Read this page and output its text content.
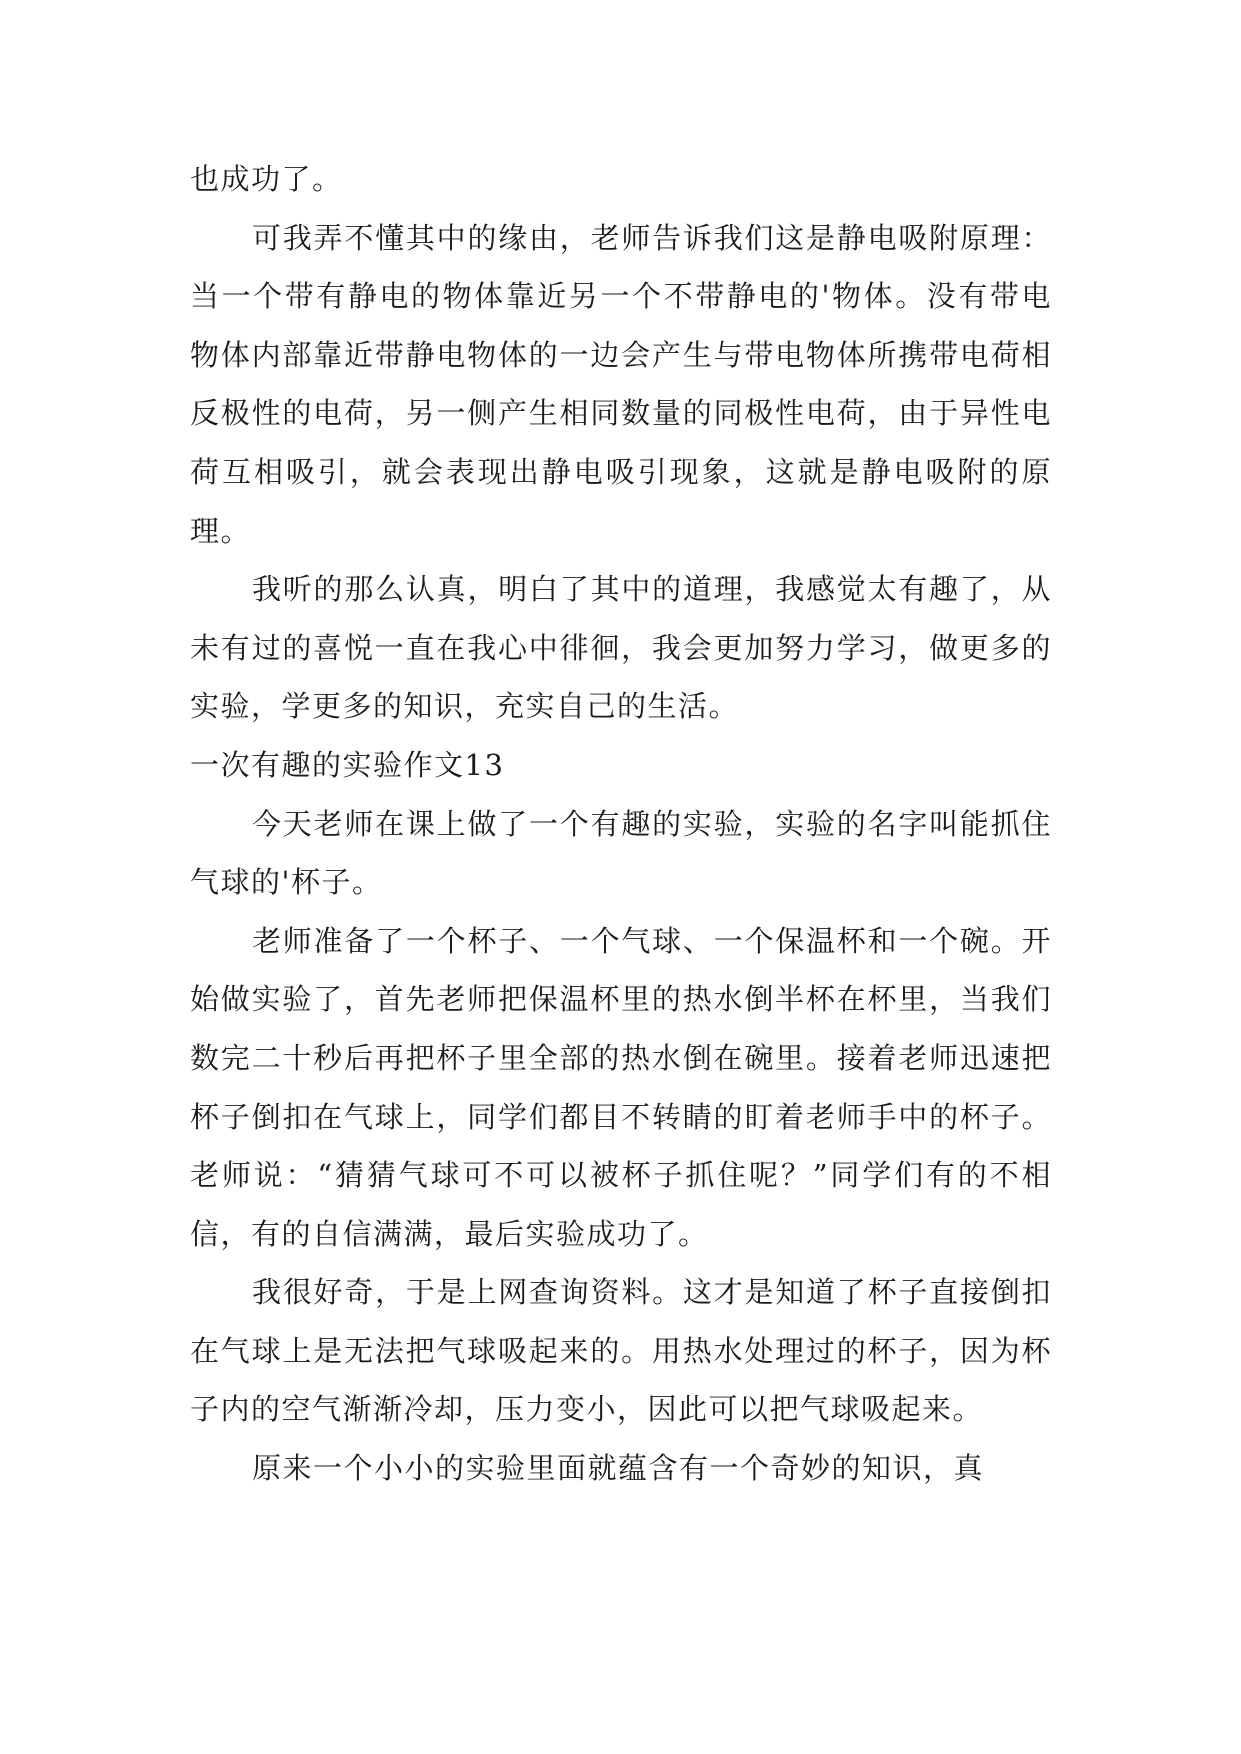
也成功了。

可我弄不懂其中的缘由，老师告诉我们这是静电吸附原理：当一个带有静电的物体靠近另一个不带静电的'物体。没有带电物体内部靠近带静电物体的一边会产生与带电物体所携带电荷相反极性的电荷，另一侧产生相同数量的同极性电荷，由于异性电荷互相吸引，就会表现出静电吸引现象，这就是静电吸附的原理。

我听的那么认真，明白了其中的道理，我感觉太有趣了，从未有过的喜悦一直在我心中徘徊，我会更加努力学习，做更多的实验，学更多的知识，充实自己的生活。

一次有趣的实验作文13

今天老师在课上做了一个有趣的实验，实验的名字叫能抓住气球的'杯子。

老师准备了一个杯子、一个气球、一个保温杯和一个碗。开始做实验了，首先老师把保温杯里的热水倒半杯在杯里，当我们数完二十秒后再把杯子里全部的热水倒在碗里。接着老师迅速把杯子倒扣在气球上，同学们都目不转睛的盯着老师手中的杯子。老师说：“猜猜气球可不可以被杯子抓住呢？”同学们有的不相信，有的自信满满，最后实验成功了。

我很好奇，于是上网查询资料。这才是知道了杯子直接倒扣在气球上是无法把气球吸起来的。用热水处理过的杯子，因为杯子内的空气渐渐冷却，压力变小，因此可以把气球吸起来。

原来一个小小的实验里面就蕴含有一个奇妙的知识，真
